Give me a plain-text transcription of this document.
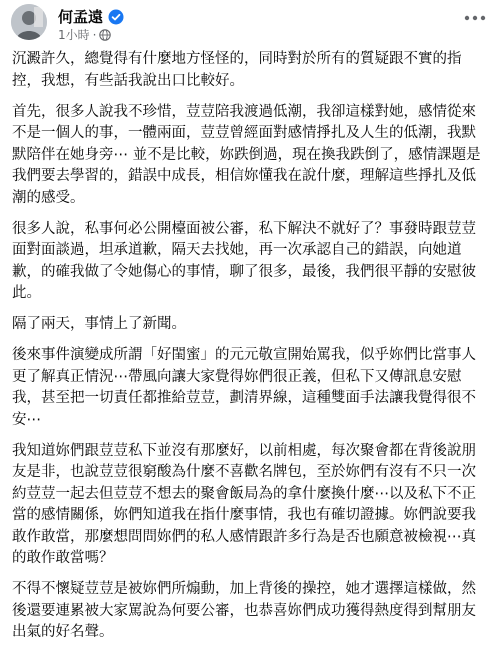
何孟遠
1小時 ·

沉澱許久，總覺得有什麼地方怪怪的，同時對於所有的質疑跟不實的指控，我想，有些話我說出口比較好。

首先，很多人說我不珍惜，荳荳陪我渡過低潮，我卻這樣對她，感情從來不是一個人的事，一體兩面，荳荳曾經面對感情掙扎及人生的低潮，我默默陪伴在她身旁⋯ 並不是比較，妳跌倒過，現在換我跌倒了，感情課題是我們要去學習的，錯誤中成長，相信妳懂我在說什麼，理解這些掙扎及低潮的感受。

很多人說，私事何必公開檯面被公審，私下解決不就好了？事發時跟荳荳面對面談過，坦承道歉，隔天去找她，再一次承認自己的錯誤，向她道歉，的確我做了令她傷心的事情，聊了很多，最後，我們很平靜的安慰彼此。

隔了兩天，事情上了新聞。

後來事件演變成所謂「好閨蜜」的元元敬宣開始罵我，似乎妳們比當事人更了解真正情況⋯帶風向讓大家覺得妳們很正義，但私下又傳訊息安慰我，甚至把一切責任都推給荳荳，劃清界線，這種雙面手法讓我覺得很不安⋯

我知道妳們跟荳荳私下並沒有那麼好，以前相處，每次聚會都在背後說朋友是非，也說荳荳很窮酸為什麼不喜歡名牌包，至於妳們有沒有不只一次約荳荳一起去但荳荳不想去的聚會飯局為的拿什麼換什麼⋯以及私下不正當的感情關係，妳們知道我在指什麼事情，我也有確切證據。妳們說要我敢作敢當，那麼想問問妳們的私人感情跟許多行為是否也願意被檢視⋯真的敢作敢當嗎？

不得不懷疑荳荳是被妳們所煽動，加上背後的操控，她才選擇這樣做，然後還要連累被大家罵說為何要公審，也恭喜妳們成功獲得熱度得到幫朋友出氣的好名聲。
